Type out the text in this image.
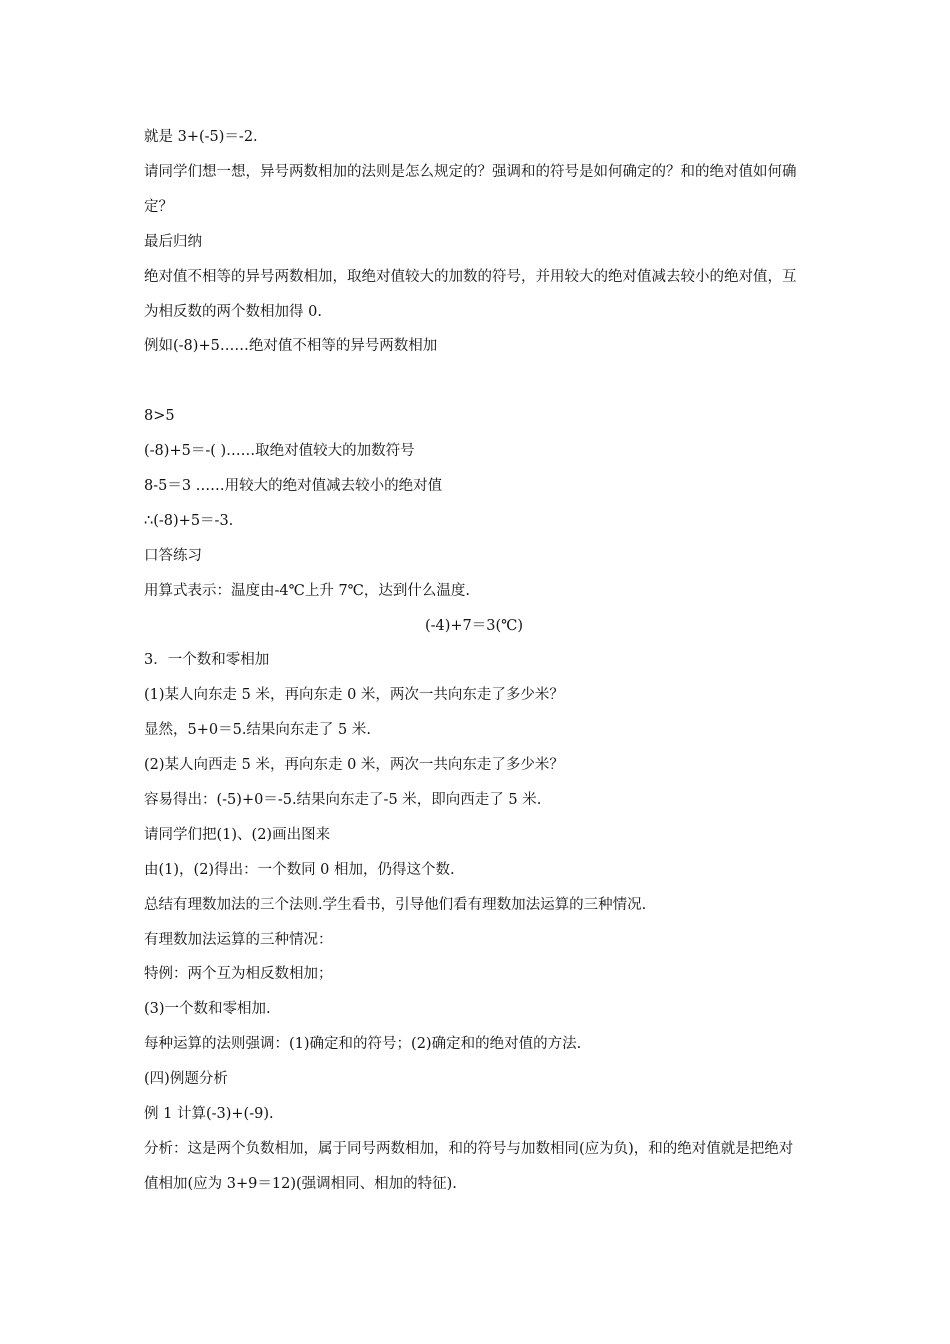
就是 3+(-5)＝-2.
请同学们想一想，异号两数相加的法则是怎么规定的？强调和的符号是如何确定的？和的绝对值如何确定？
最后归纳
绝对值不相等的异号两数相加，取绝对值较大的加数的符号，并用较大的绝对值减去较小的绝对值，互为相反数的两个数相加得 0.
例如(-8)+5……绝对值不相等的异号两数相加
8>5
(-8)+5＝-( )……取绝对值较大的加数符号
8-5＝3 ……用较大的绝对值减去较小的绝对值
∴(-8)+5＝-3.
口答练习
用算式表示：温度由-4℃上升 7℃，达到什么温度.
(-4)+7＝3(℃)
3．一个数和零相加
(1)某人向东走 5 米，再向东走 0 米，两次一共向东走了多少米？
显然，5+0＝5.结果向东走了 5 米.
(2)某人向西走 5 米，再向东走 0 米，两次一共向东走了多少米？
容易得出：(-5)+0＝-5.结果向东走了-5 米，即向西走了 5 米.
请同学们把(1)、(2)画出图来
由(1)，(2)得出：一个数同 0 相加，仍得这个数.
总结有理数加法的三个法则.学生看书，引导他们看有理数加法运算的三种情况.
有理数加法运算的三种情况：
特例：两个互为相反数相加；
(3)一个数和零相加.
每种运算的法则强调：(1)确定和的符号；(2)确定和的绝对值的方法.
(四)例题分析
例 1 计算(-3)+(-9).
分析：这是两个负数相加，属于同号两数相加，和的符号与加数相同(应为负)，和的绝对值就是把绝对值相加(应为 3+9＝12)(强调相同、相加的特征).
